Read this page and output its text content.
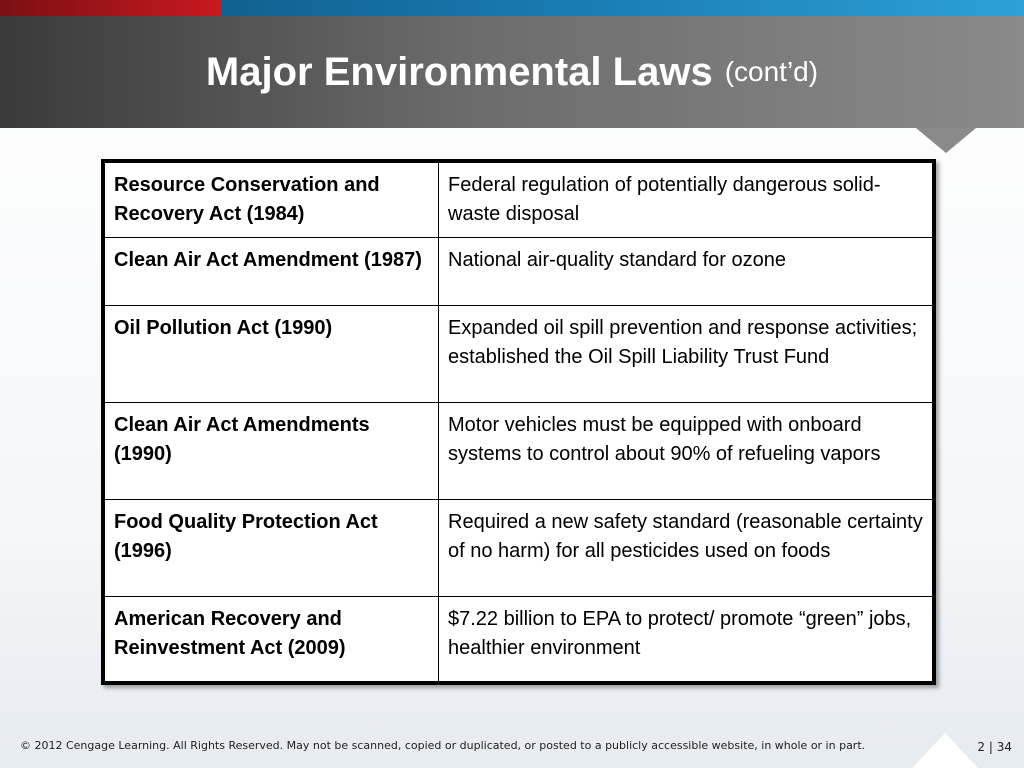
Major Environmental Laws (cont’d)
Resource Conservation and Recovery Act (1984)	Federal regulation of potentially dangerous solid-waste disposal
Clean Air Act Amendment (1987)	National air-quality standard for ozone
Oil Pollution Act (1990)	Expanded oil spill prevention and response activities; established the Oil Spill Liability Trust Fund
Clean Air Act Amendments (1990)	Motor vehicles must be equipped with onboard systems to control about 90% of refueling vapors
Food Quality Protection Act (1996)	Required a new safety standard (reasonable certainty of no harm) for all pesticides used on foods
American Recovery and Reinvestment Act (2009)	$7.22 billion to EPA to protect/ promote “green” jobs, healthier environment
© 2012 Cengage Learning. All Rights Reserved. May not be scanned, copied or duplicated, or posted to a publicly accessible website, in whole or in part.	2 | 34
